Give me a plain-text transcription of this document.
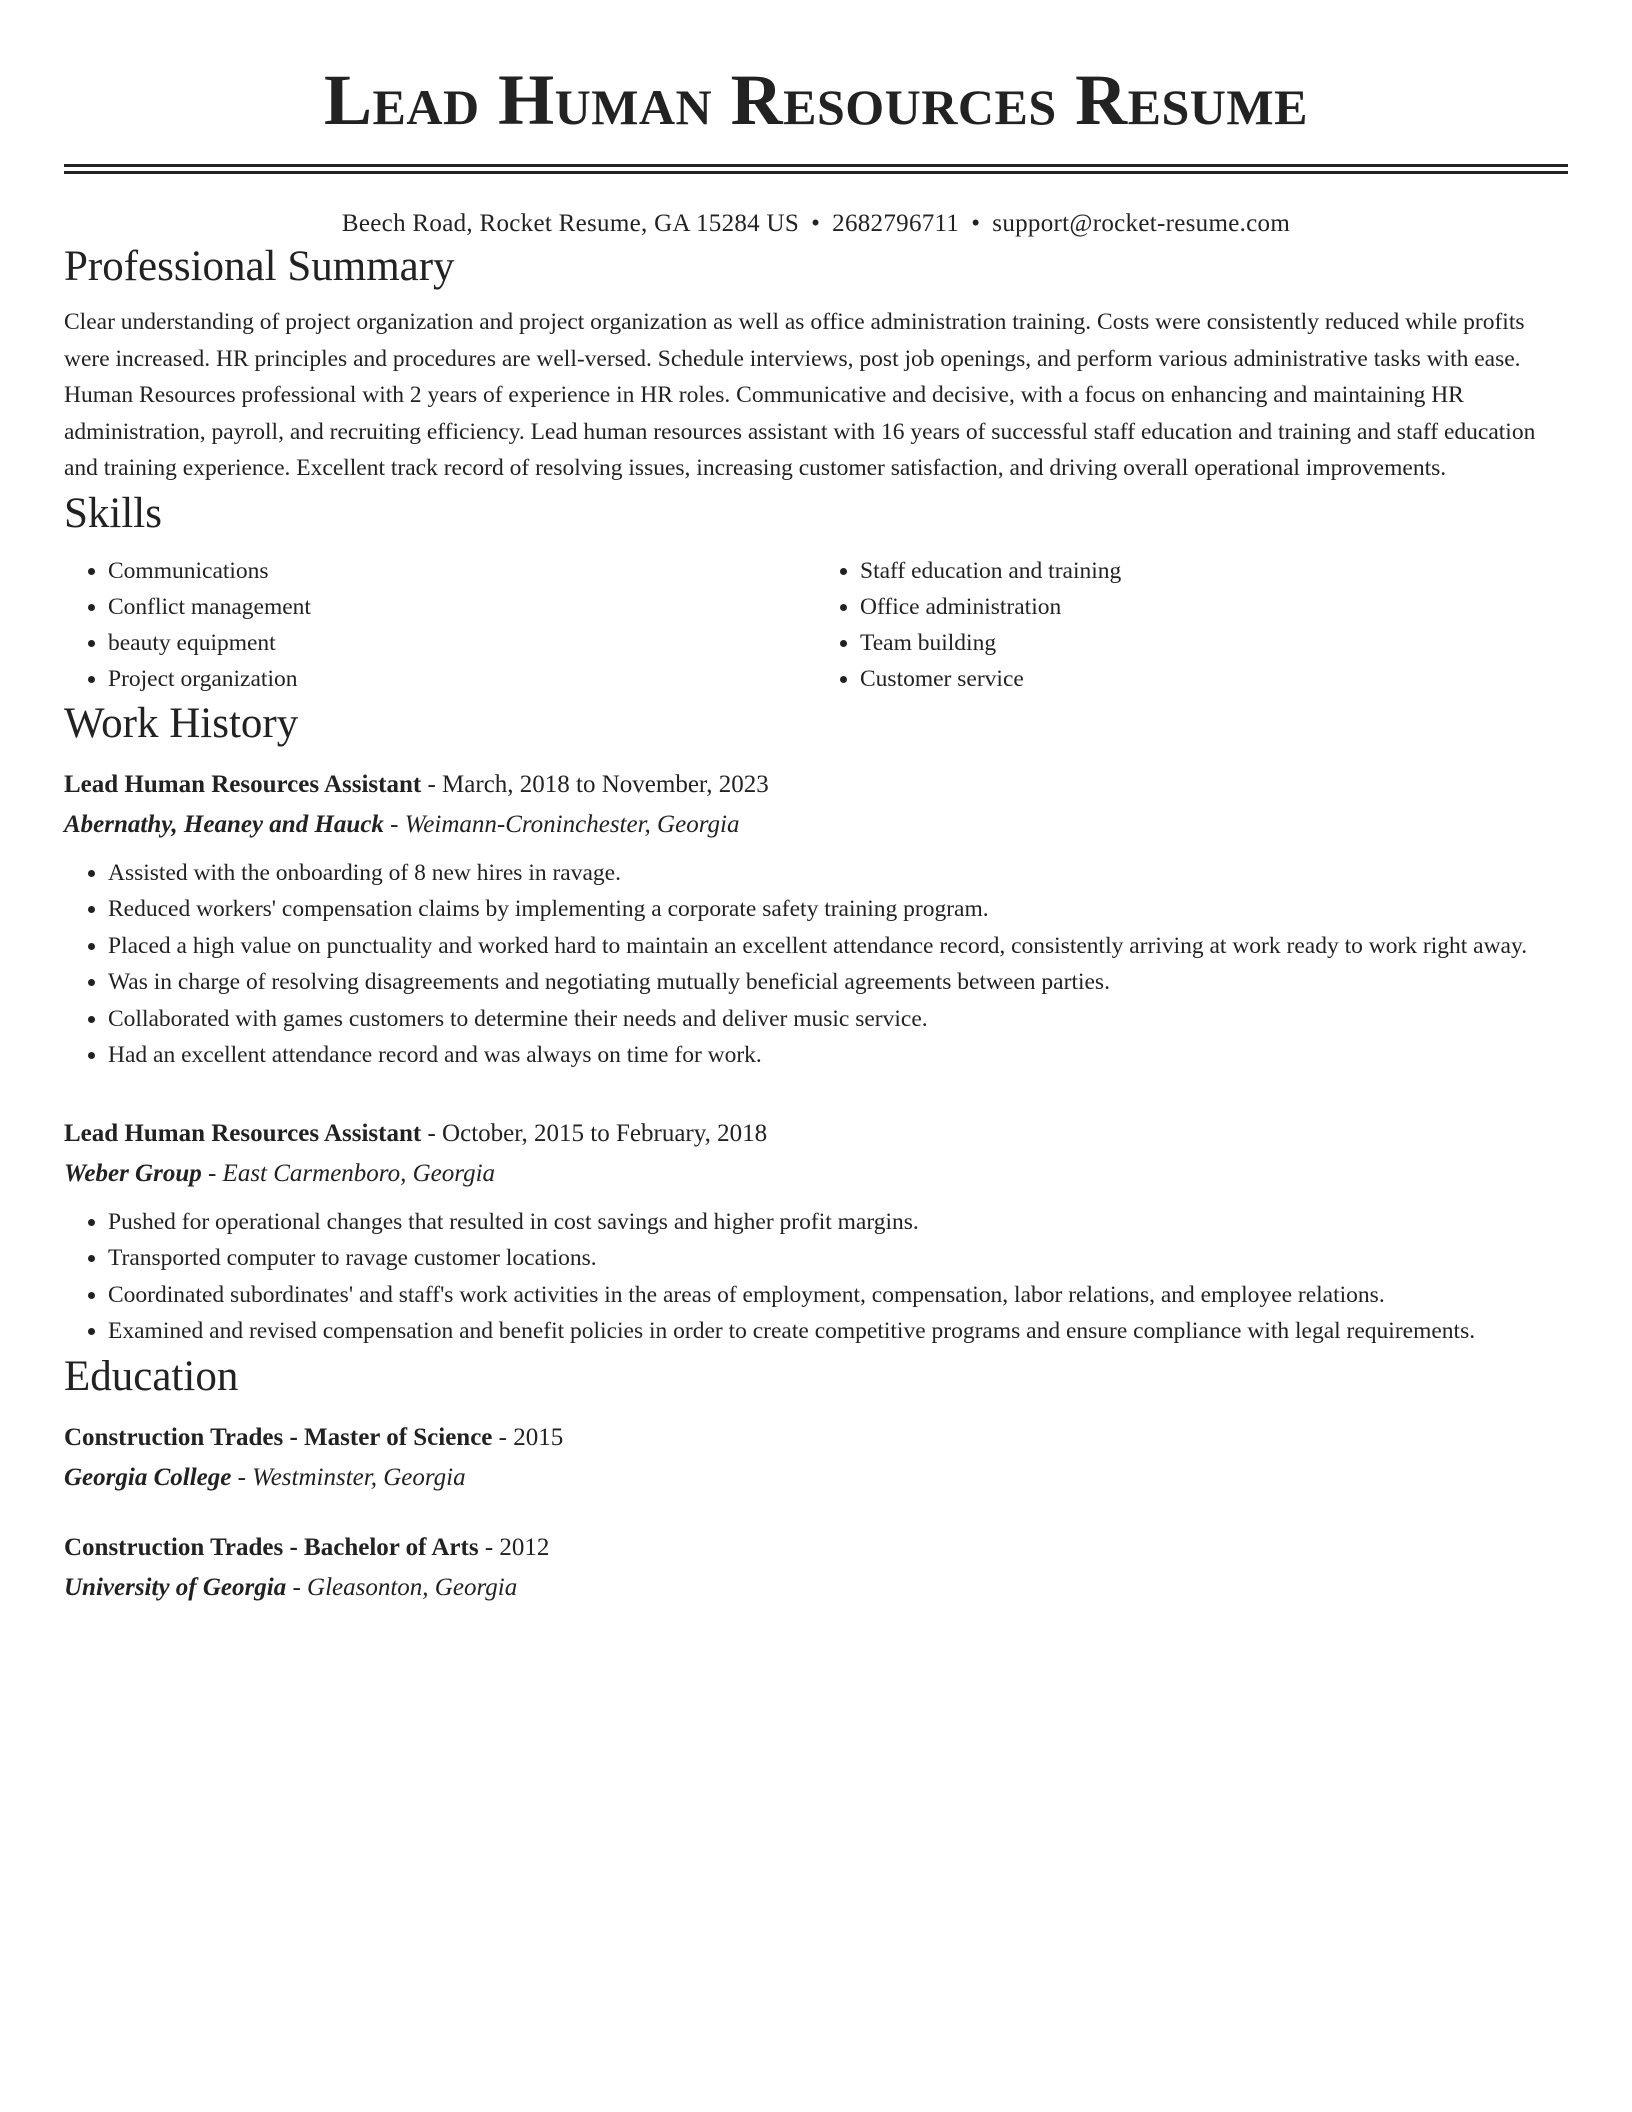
Lead Human Resources Resume
Beech Road, Rocket Resume, GA 15284 US • 2682796711 • support@rocket-resume.com
Professional Summary

Clear understanding of project organization and project organization as well as office administration training. Costs were consistently reduced while profits were increased. HR principles and procedures are well-versed. Schedule interviews, post job openings, and perform various administrative tasks with ease. Human Resources professional with 2 years of experience in HR roles. Communicative and decisive, with a focus on enhancing and maintaining HR administration, payroll, and recruiting efficiency. Lead human resources assistant with 16 years of successful staff education and training and staff education and training experience. Excellent track record of resolving issues, increasing customer satisfaction, and driving overall operational improvements.

Skills
• Communications
• Conflict management
• beauty equipment
• Project organization
• Staff education and training
• Office administration
• Team building
• Customer service
Work History
Lead Human Resources Assistant - March, 2018 to November, 2023
Abernathy, Heaney and Hauck - Weimann-Croninchester, Georgia
• Assisted with the onboarding of 8 new hires in ravage.
• Reduced workers' compensation claims by implementing a corporate safety training program.
• Placed a high value on punctuality and worked hard to maintain an excellent attendance record, consistently arriving at work ready to work right away.
• Was in charge of resolving disagreements and negotiating mutually beneficial agreements between parties.
• Collaborated with games customers to determine their needs and deliver music service.
• Had an excellent attendance record and was always on time for work.
Lead Human Resources Assistant - October, 2015 to February, 2018
Weber Group - East Carmenboro, Georgia
• Pushed for operational changes that resulted in cost savings and higher profit margins.
• Transported computer to ravage customer locations.
• Coordinated subordinates' and staff's work activities in the areas of employment, compensation, labor relations, and employee relations.
• Examined and revised compensation and benefit policies in order to create competitive programs and ensure compliance with legal requirements.
Education
Construction Trades - Master of Science - 2015
Georgia College - Westminster, Georgia
Construction Trades - Bachelor of Arts - 2012
University of Georgia - Gleasonton, Georgia
